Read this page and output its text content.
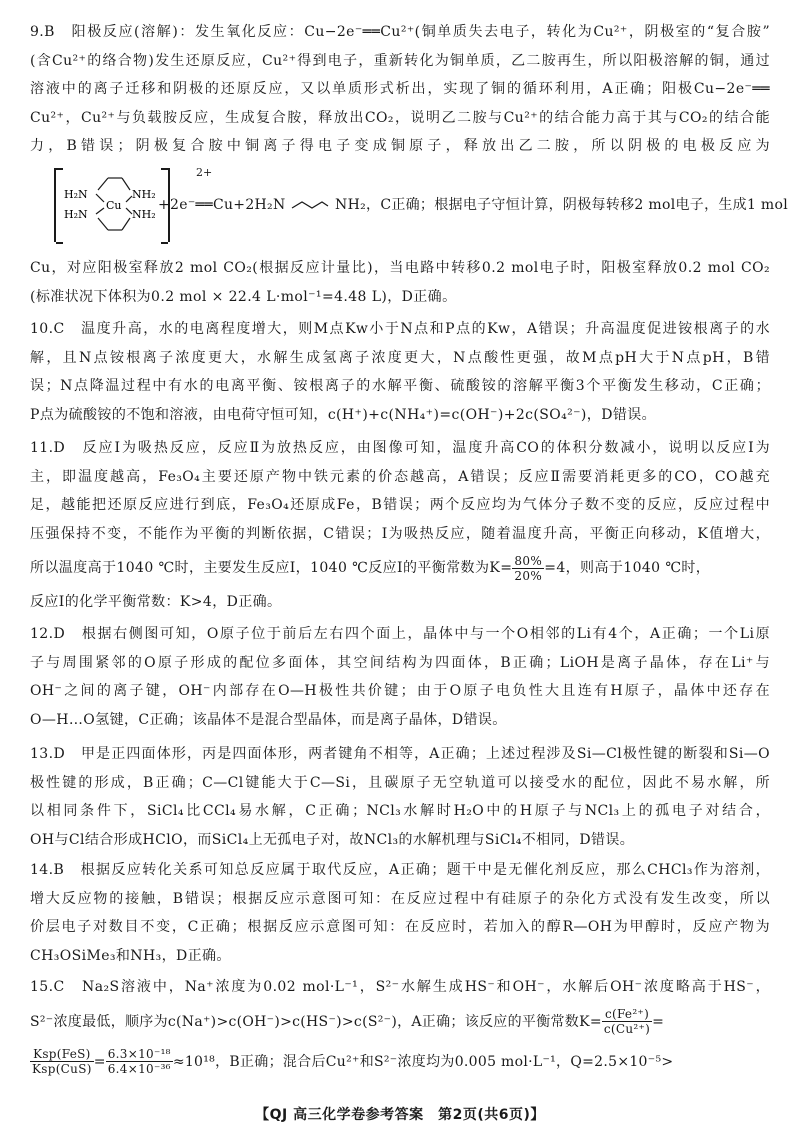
9.B　阳极反应(溶解)：发生氧化反应：Cu−2e⁻══Cu²⁺(铜单质失去电子，转化为Cu²⁺，阴极室的“复合胺”
(含Cu²⁺的络合物)发生还原反应，Cu²⁺得到电子，重新转化为铜单质，乙二胺再生，所以阳极溶解的铜，通过
溶液中的离子迁移和阴极的还原反应，又以单质形式析出，实现了铜的循环利用，A正确；阳极Cu−2e⁻══
Cu²⁺，Cu²⁺与负载胺反应，生成复合胺，释放出CO₂，说明乙二胺与Cu²⁺的结合能力高于其与CO₂的结合能
力，B错误；阴极复合胺中铜离子得电子变成铜原子，释放出乙二胺，所以阴极的电极反应为
H₂N
H₂N
Cu
NH₂
NH₂
2+
+2e⁻══Cu+2H₂N	NH₂，C正确；根据电子守恒计算，阴极每转移2 mol电子，生成1 mol
Cu，对应阳极室释放2 mol CO₂(根据反应计量比)，当电路中转移0.2 mol电子时，阳极室释放0.2 mol CO₂
(标准状况下体积为0.2 mol × 22.4 L·mol⁻¹=4.48 L)，D正确。
10.C　温度升高，水的电离程度增大，则M点Kw小于N点和P点的Kw，A错误；升高温度促进铵根离子的水
解，且N点铵根离子浓度更大，水解生成氢离子浓度更大，N点酸性更强，故M点pH大于N点pH，B错
误；N点降温过程中有水的电离平衡、铵根离子的水解平衡、硫酸铵的溶解平衡3个平衡发生移动，C正确；
P点为硫酸铵的不饱和溶液，由电荷守恒可知，c(H⁺)+c(NH₄⁺)=c(OH⁻)+2c(SO₄²⁻)，D错误。
11.D　反应Ⅰ为吸热反应，反应Ⅱ为放热反应，由图像可知，温度升高CO的体积分数减小，说明以反应Ⅰ为
主，即温度越高，Fe₃O₄主要还原产物中铁元素的价态越高，A错误；反应Ⅱ需要消耗更多的CO，CO越充
足，越能把还原反应进行到底，Fe₃O₄还原成Fe，B错误；两个反应均为气体分子数不变的反应，反应过程中
压强保持不变，不能作为平衡的判断依据，C错误；Ⅰ为吸热反应，随着温度升高，平衡正向移动，K值增大，
所以温度高于1040 ℃时，主要发生反应Ⅰ，1040 ℃反应Ⅰ的平衡常数为$K= \frac{80\%}{20\%} =4$，则高于1040 ℃时，
反应Ⅰ的化学平衡常数：K>4，D正确。
12.D　根据右侧图可知，O原子位于前后左右四个面上，晶体中与一个O相邻的Li有4个，A正确；一个Li原
子与周围紧邻的O原子形成的配位多面体，其空间结构为四面体，B正确；LiOH是离子晶体，存在Li⁺与
OH⁻之间的离子键，OH⁻内部存在O—H极性共价键；由于O原子电负性大且连有H原子，晶体中还存在
O—H…O氢键，C正确；该晶体不是混合型晶体，而是离子晶体，D错误。
13.D　甲是正四面体形，丙是四面体形，两者键角不相等，A正确；上述过程涉及Si—Cl极性键的断裂和Si—O
极性键的形成，B正确；C—Cl键能大于C—Si，且碳原子无空轨道可以接受水的配位，因此不易水解，所
以相同条件下，SiCl₄比CCl₄易水解，C正确；NCl₃水解时H₂O中的H原子与NCl₃上的孤电子对结合，
OH与Cl结合形成HClO，而SiCl₄上无孤电子对，故NCl₃的水解机理与SiCl₄不相同，D错误。
14.B　根据反应转化关系可知总反应属于取代反应，A正确；题干中是无催化剂反应，那么CHCl₃作为溶剂，
增大反应物的接触，B错误；根据反应示意图可知：在反应过程中有硅原子的杂化方式没有发生改变，所以
价层电子对数目不变，C正确；根据反应示意图可知：在反应时，若加入的醇R—OH为甲醇时，反应产物为
CH₃OSiMe₃和NH₃，D正确。
15.C　Na₂S溶液中，Na⁺浓度为0.02 mol·L⁻¹，S²⁻水解生成HS⁻和OH⁻，水解后OH⁻浓度略高于HS⁻，
S²⁻浓度最低，顺序为c(Na⁺)>c(OH⁻)>c(HS⁻)>c(S²⁻)，A正确；该反应的平衡常数$K= \frac{\text{c(Fe²⁺)}}{\text{c(Cu²⁺)}}$ =
$\frac{\text{Ksp(FeS)}}{\text{Ksp(CuS)}} = \frac{\text{6.3×10⁻¹⁸}}{\text{6.4×10⁻³⁶}} \approx 10^{18}$，B正确；混合后Cu²⁺和S²⁻浓度均为0.005 mol·L⁻¹，Q=2.5×10⁻⁵>
【QJ 高三化学卷参考答案　第2页(共6页)】
